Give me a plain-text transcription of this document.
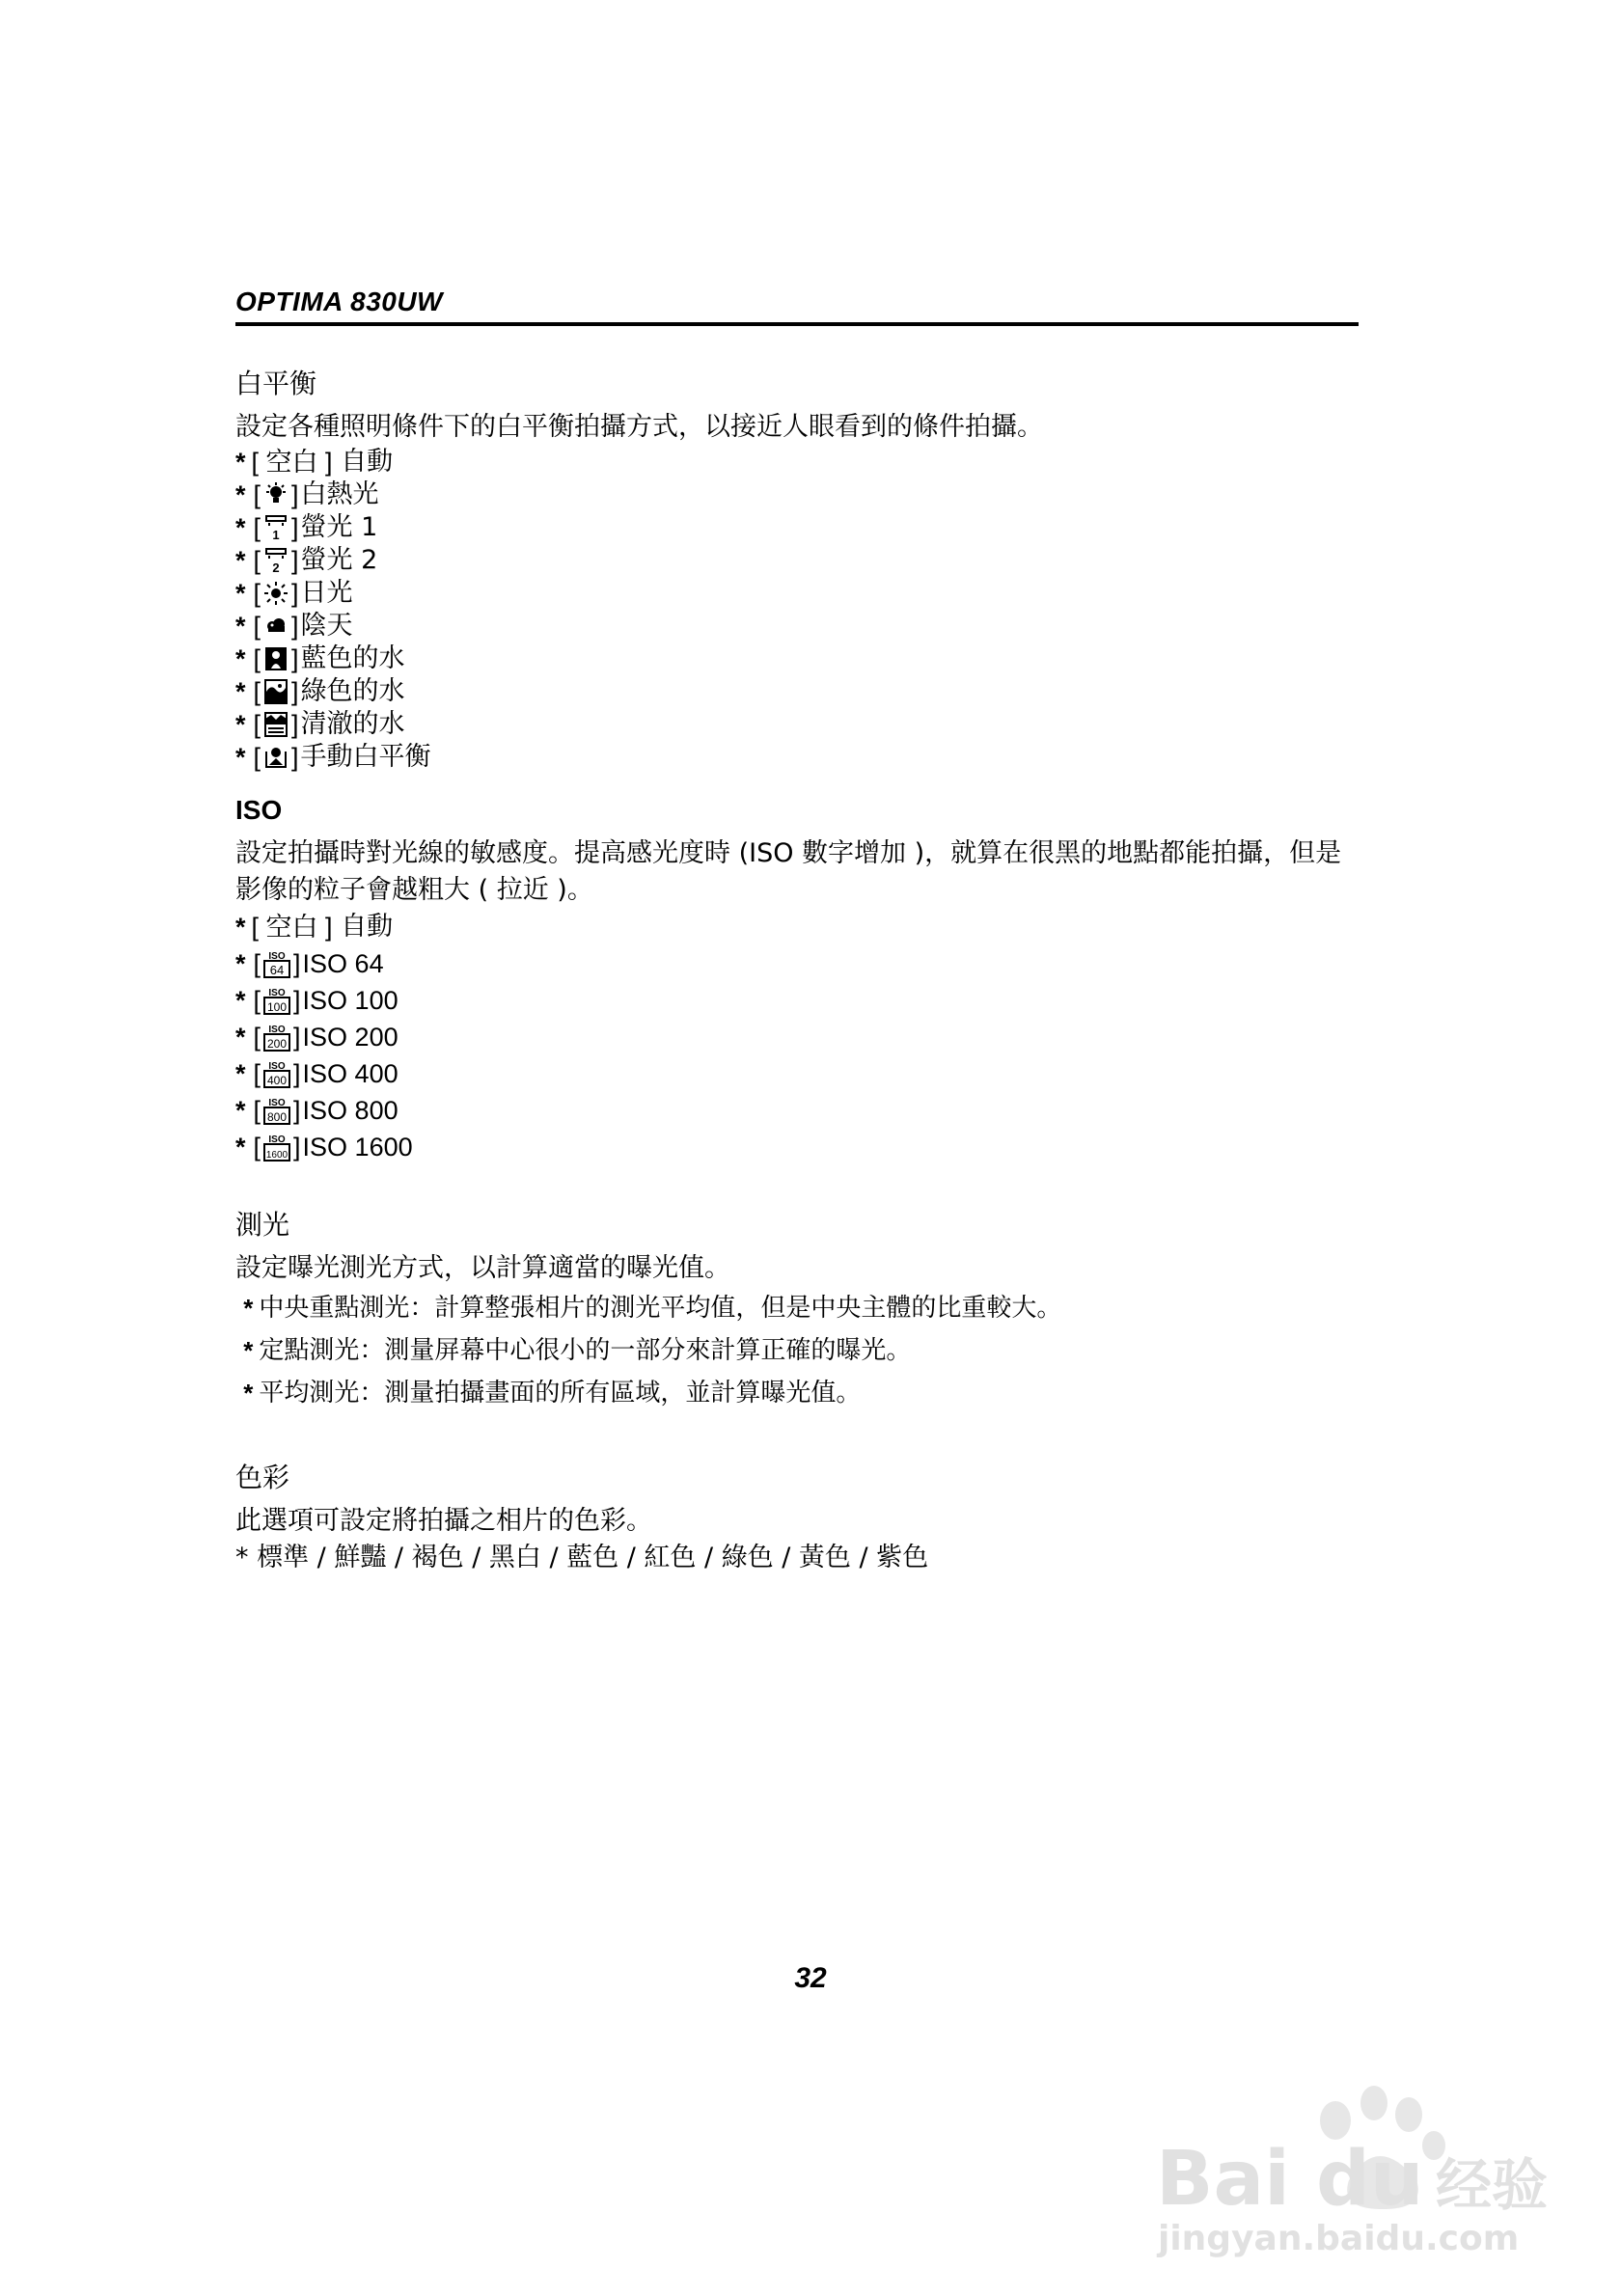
OPTIMA 830UW
白平衡

設定各種照明條件下的白平衡拍攝方式，以接近人眼看到的條件拍攝。

* [ 空白 ]
自動
* [ ] 白熱光
* [ 1 ] 螢光 1
* [ 2 ] 螢光 2
* [ ] 日光
* [ ] 陰天
* [ ] 藍色的水
* [ ] 綠色的水
* [ ] 清澈的水
* [ ] 手動白平衡
ISO

設定拍攝時對光線的敏感度。提高感光度時 (ISO 數字增加 )，就算在很黑的地點都能拍攝，但是影像的粒子會越粗大 ( 拉近 )。

* [ 空白 ]
自動
* [ ISO
64 ] ISO 64
* [ ISO
100 ] ISO 100
* [ ISO
200 ] ISO 200
* [ ISO
400 ] ISO 400
* [ ISO
800 ] ISO 800
* [ ISO
1600 ] ISO 1600
測光

設定曝光測光方式，以計算適當的曝光值。

* 中央重點測光：計算整張相片的測光平均值，但是中央主體的比重較大。

* 定點測光：測量屏幕中心很小的一部分來計算正確的曝光。

* 平均測光：測量拍攝畫面的所有區域，並計算曝光值。
色彩

此選項可設定將拍攝之相片的色彩。

* 標準 / 鮮豔 / 褐色 / 黑白 / 藍色 / 紅色 / 綠色 / 黃色 / 紫色

32
Bai du 经验
jingyan.baidu.com
